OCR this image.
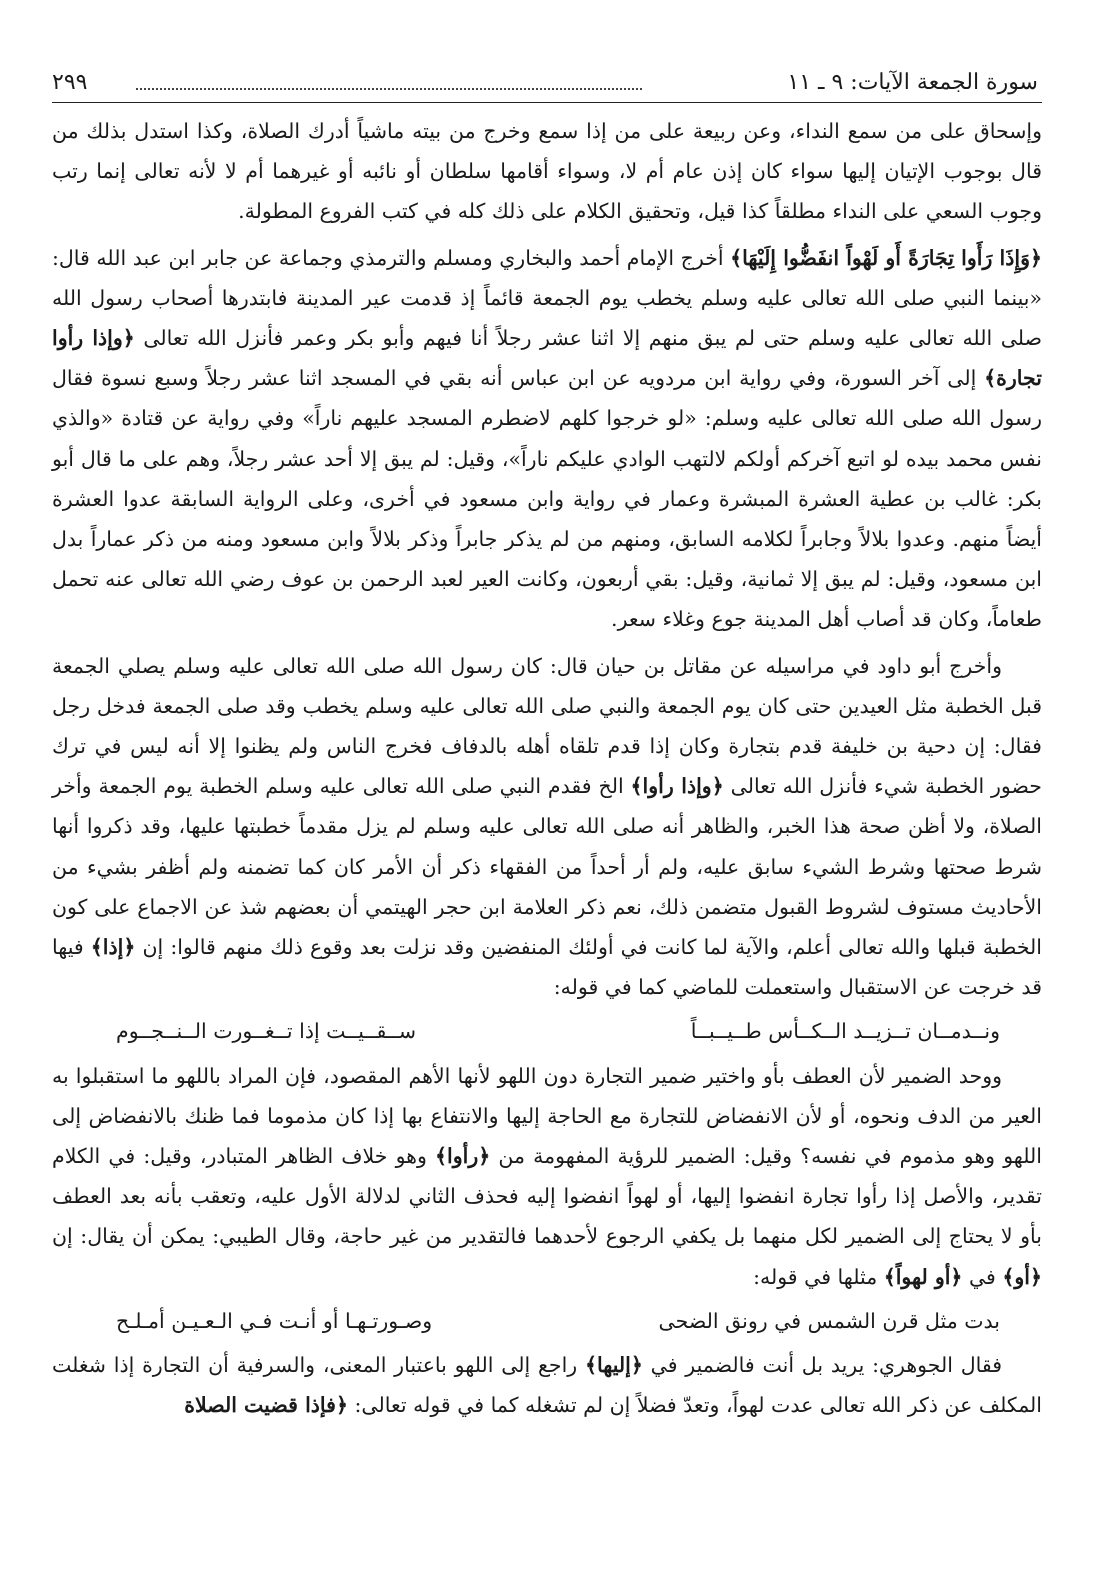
سورة الجمعة الآيات: ٩ ـ ١١
٢٩٩

وإسحاق على من سمع النداء، وعن ربيعة على من إذا سمع وخرج من بيته ماشياً أدرك الصلاة، وكذا استدل بذلك من قال بوجوب الإتيان إليها سواء كان إذن عام أم لا، وسواء أقامها سلطان أو نائبه أو غيرهما أم لا لأنه تعالى إنما رتب وجوب السعي على النداء مطلقاً كذا قيل، وتحقيق الكلام على ذلك كله في كتب الفروع المطولة.

﴿وَإِذَا رَأَوا تِجَارَةً أَو لَهْواً انفَضُّوا إِلَيْهَا﴾ أخرج الإمام أحمد والبخاري ومسلم والترمذي وجماعة عن جابر ابن عبد الله قال: «بينما النبي صلى الله تعالى عليه وسلم يخطب يوم الجمعة قائماً إذ قدمت عير المدينة فابتدرها أصحاب رسول الله صلى الله تعالى عليه وسلم حتى لم يبق منهم إلا اثنا عشر رجلاً أنا فيهم وأبو بكر وعمر فأنزل الله تعالى ﴿وإذا رأوا تجارة﴾ إلى آخر السورة، وفي رواية ابن مردويه عن ابن عباس أنه بقي في المسجد اثنا عشر رجلاً وسبع نسوة فقال رسول الله صلى الله تعالى عليه وسلم: «لو خرجوا كلهم لاضطرم المسجد عليهم ناراً» وفي رواية عن قتادة «والذي نفس محمد بيده لو اتبع آخركم أولكم لالتهب الوادي عليكم ناراً»، وقيل: لم يبق إلا أحد عشر رجلاً، وهم على ما قال أبو بكر: غالب بن عطية العشرة المبشرة وعمار في رواية وابن مسعود في أخرى، وعلى الرواية السابقة عدوا العشرة أيضاً منهم. وعدوا بلالاً وجابراً لكلامه السابق، ومنهم من لم يذكر جابراً وذكر بلالاً وابن مسعود ومنه من ذكر عماراً بدل ابن مسعود، وقيل: لم يبق إلا ثمانية، وقيل: بقي أربعون، وكانت العير لعبد الرحمن بن عوف رضي الله تعالى عنه تحمل طعاماً، وكان قد أصاب أهل المدينة جوع وغلاء سعر.

وأخرج أبو داود في مراسيله عن مقاتل بن حيان قال: كان رسول الله صلى الله تعالى عليه وسلم يصلي الجمعة قبل الخطبة مثل العيدين حتى كان يوم الجمعة والنبي صلى الله تعالى عليه وسلم يخطب وقد صلى الجمعة فدخل رجل فقال: إن دحية بن خليفة قدم بتجارة وكان إذا قدم تلقاه أهله بالدفاف فخرج الناس ولم يظنوا إلا أنه ليس في ترك حضور الخطبة شيء فأنزل الله تعالى ﴿وإذا رأوا﴾ الخ فقدم النبي صلى الله تعالى عليه وسلم الخطبة يوم الجمعة وأخر الصلاة، ولا أظن صحة هذا الخبر، والظاهر أنه صلى الله تعالى عليه وسلم لم يزل مقدماً خطبتها عليها، وقد ذكروا أنها شرط صحتها وشرط الشيء سابق عليه، ولم أر أحداً من الفقهاء ذكر أن الأمر كان كما تضمنه ولم أظفر بشيء من الأحاديث مستوف لشروط القبول متضمن ذلك، نعم ذكر العلامة ابن حجر الهيتمي أن بعضهم شذ عن الاجماع على كون الخطبة قبلها والله تعالى أعلم، والآية لما كانت في أولئك المنفضين وقد نزلت بعد وقوع ذلك منهم قالوا: إن ﴿إذا﴾ فيها قد خرجت عن الاستقبال واستعملت للماضي كما في قوله:

ونــدمــان تــزيــد الــكــأس طــيــبــاً
ســقــيــت إذا تــغــورت الــنــجــوم

ووحد الضمير لأن العطف بأو واختير ضمير التجارة دون اللهو لأنها الأهم المقصود، فإن المراد باللهو ما استقبلوا به العير من الدف ونحوه، أو لأن الانفضاض للتجارة مع الحاجة إليها والانتفاع بها إذا كان مذموما فما ظنك بالانفضاض إلى اللهو وهو مذموم في نفسه؟ وقيل: الضمير للرؤية المفهومة من ﴿رأوا﴾ وهو خلاف الظاهر المتبادر، وقيل: في الكلام تقدير، والأصل إذا رأوا تجارة انفضوا إليها، أو لهواً انفضوا إليه فحذف الثاني لدلالة الأول عليه، وتعقب بأنه بعد العطف بأو لا يحتاج إلى الضمير لكل منهما بل يكفي الرجوع لأحدهما فالتقدير من غير حاجة، وقال الطيبي: يمكن أن يقال: إن ﴿أو﴾ في ﴿أو لهواً﴾ مثلها في قوله:

بدت مثل قرن الشمس في رونق الضحى
وصـورتـهـا أو أنـت فـي الـعـيـن أمـلـح

فقال الجوهري: يريد بل أنت فالضمير في ﴿إليها﴾ راجع إلى اللهو باعتبار المعنى، والسرفية أن التجارة إذا شغلت المكلف عن ذكر الله تعالى عدت لهواً، وتعدّ فضلاً إن لم تشغله كما في قوله تعالى: ﴿فإذا قضيت الصلاة
